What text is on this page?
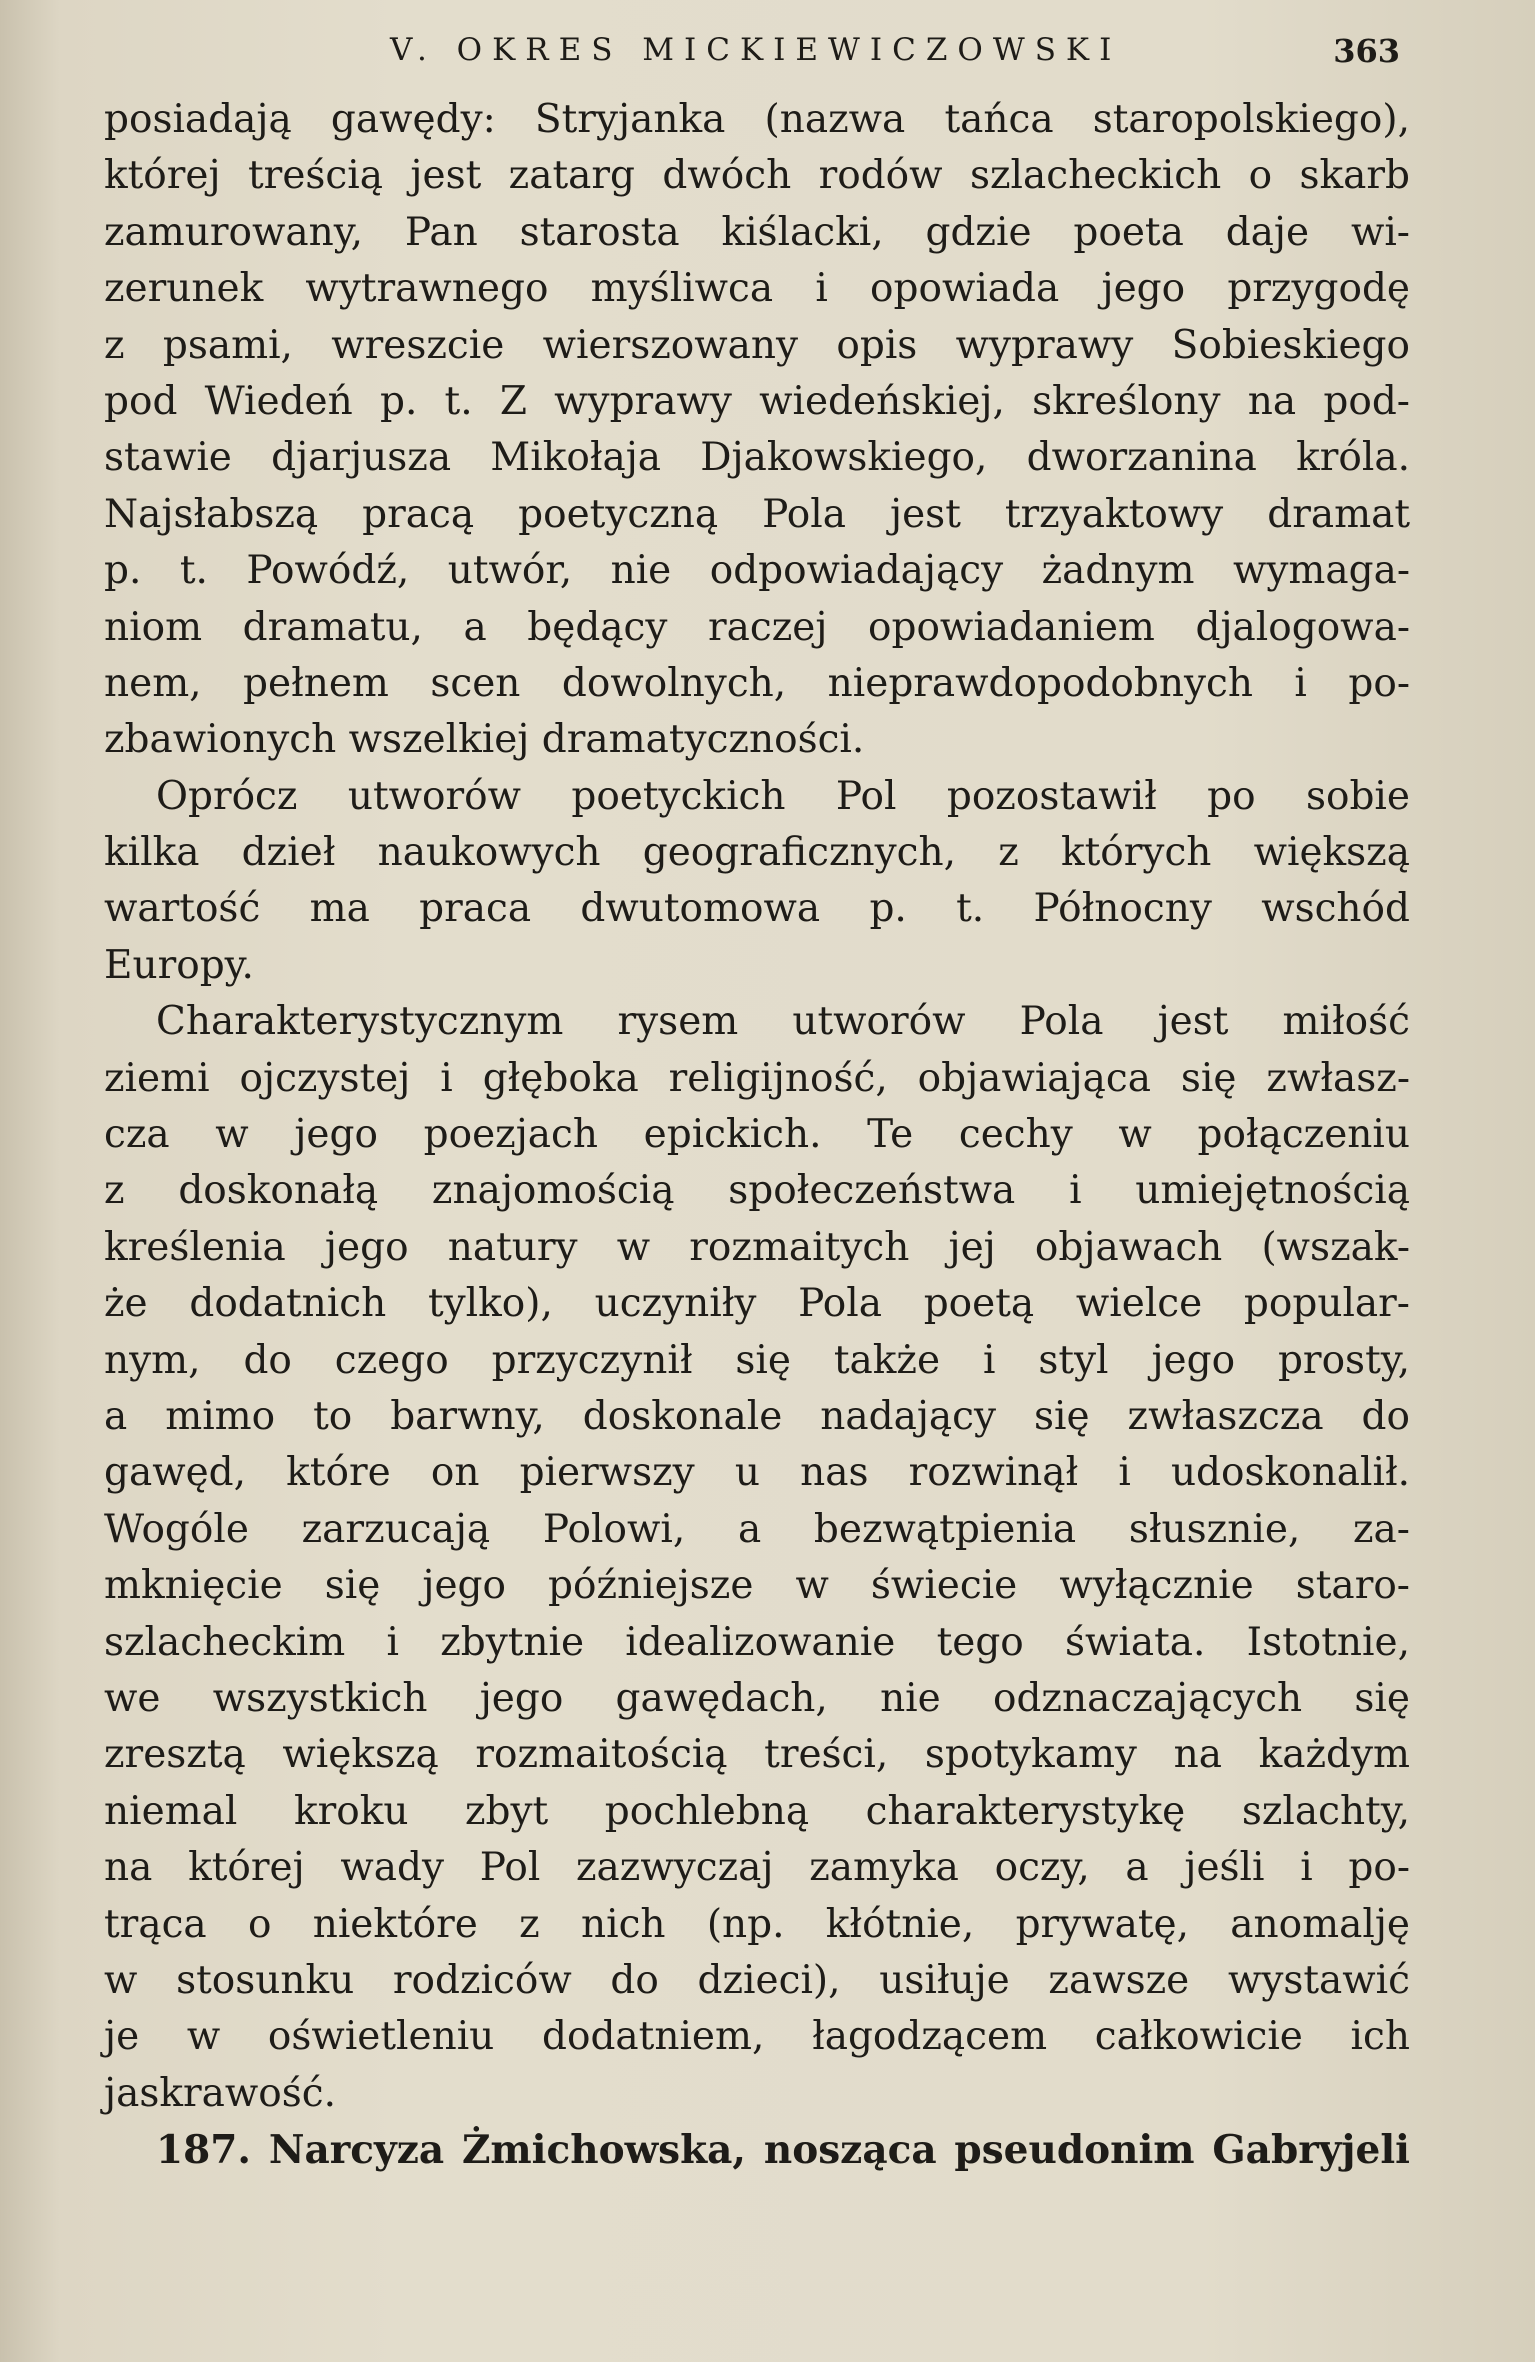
V. OKRES MICKIEWICZOWSKI	363
posiadają gawędy: Stryjanka (nazwa tańca staropolskiego),
której treścią jest zatarg dwóch rodów szlacheckich o skarb
zamurowany, Pan starosta kiślacki, gdzie poeta daje wi-
zerunek wytrawnego myśliwca i opowiada jego przygodę
z psami, wreszcie wierszowany opis wyprawy Sobieskiego
pod Wiedeń p. t. Z wyprawy wiedeńskiej, skreślony na pod-
stawie djarjusza Mikołaja Djakowskiego, dworzanina króla.
Najsłabszą pracą poetyczną Pola jest trzyaktowy dramat
p. t. Powódź, utwór, nie odpowiadający żadnym wymaga-
niom dramatu, a będący raczej opowiadaniem djalogowa-
nem, pełnem scen dowolnych, nieprawdopodobnych i po-
zbawionych wszelkiej dramatyczności.
Oprócz utworów poetyckich Pol pozostawił po sobie
kilka dzieł naukowych geograficznych, z których większą
wartość ma praca dwutomowa p. t. Północny wschód
Europy.
Charakterystycznym rysem utworów Pola jest miłość
ziemi ojczystej i głęboka religijność, objawiająca się zwłasz-
cza w jego poezjach epickich. Te cechy w połączeniu
z doskonałą znajomością społeczeństwa i umiejętnością
kreślenia jego natury w rozmaitych jej objawach (wszak-
że dodatnich tylko), uczyniły Pola poetą wielce popular-
nym, do czego przyczynił się także i styl jego prosty,
a mimo to barwny, doskonale nadający się zwłaszcza do
gawęd, które on pierwszy u nas rozwinął i udoskonalił.
Wogóle zarzucają Polowi, a bezwątpienia słusznie, za-
mknięcie się jego późniejsze w świecie wyłącznie staro-
szlacheckim i zbytnie idealizowanie tego świata. Istotnie,
we wszystkich jego gawędach, nie odznaczających się
zresztą większą rozmaitością treści, spotykamy na każdym
niemal kroku zbyt pochlebną charakterystykę szlachty,
na której wady Pol zazwyczaj zamyka oczy, a jeśli i po-
trąca o niektóre z nich (np. kłótnie, prywatę, anomalję
w stosunku rodziców do dzieci), usiłuje zawsze wystawić
je w oświetleniu dodatniem, łagodzącem całkowicie ich
jaskrawość.
187. Narcyza Żmichowska, nosząca pseudonim Gabryjeli
